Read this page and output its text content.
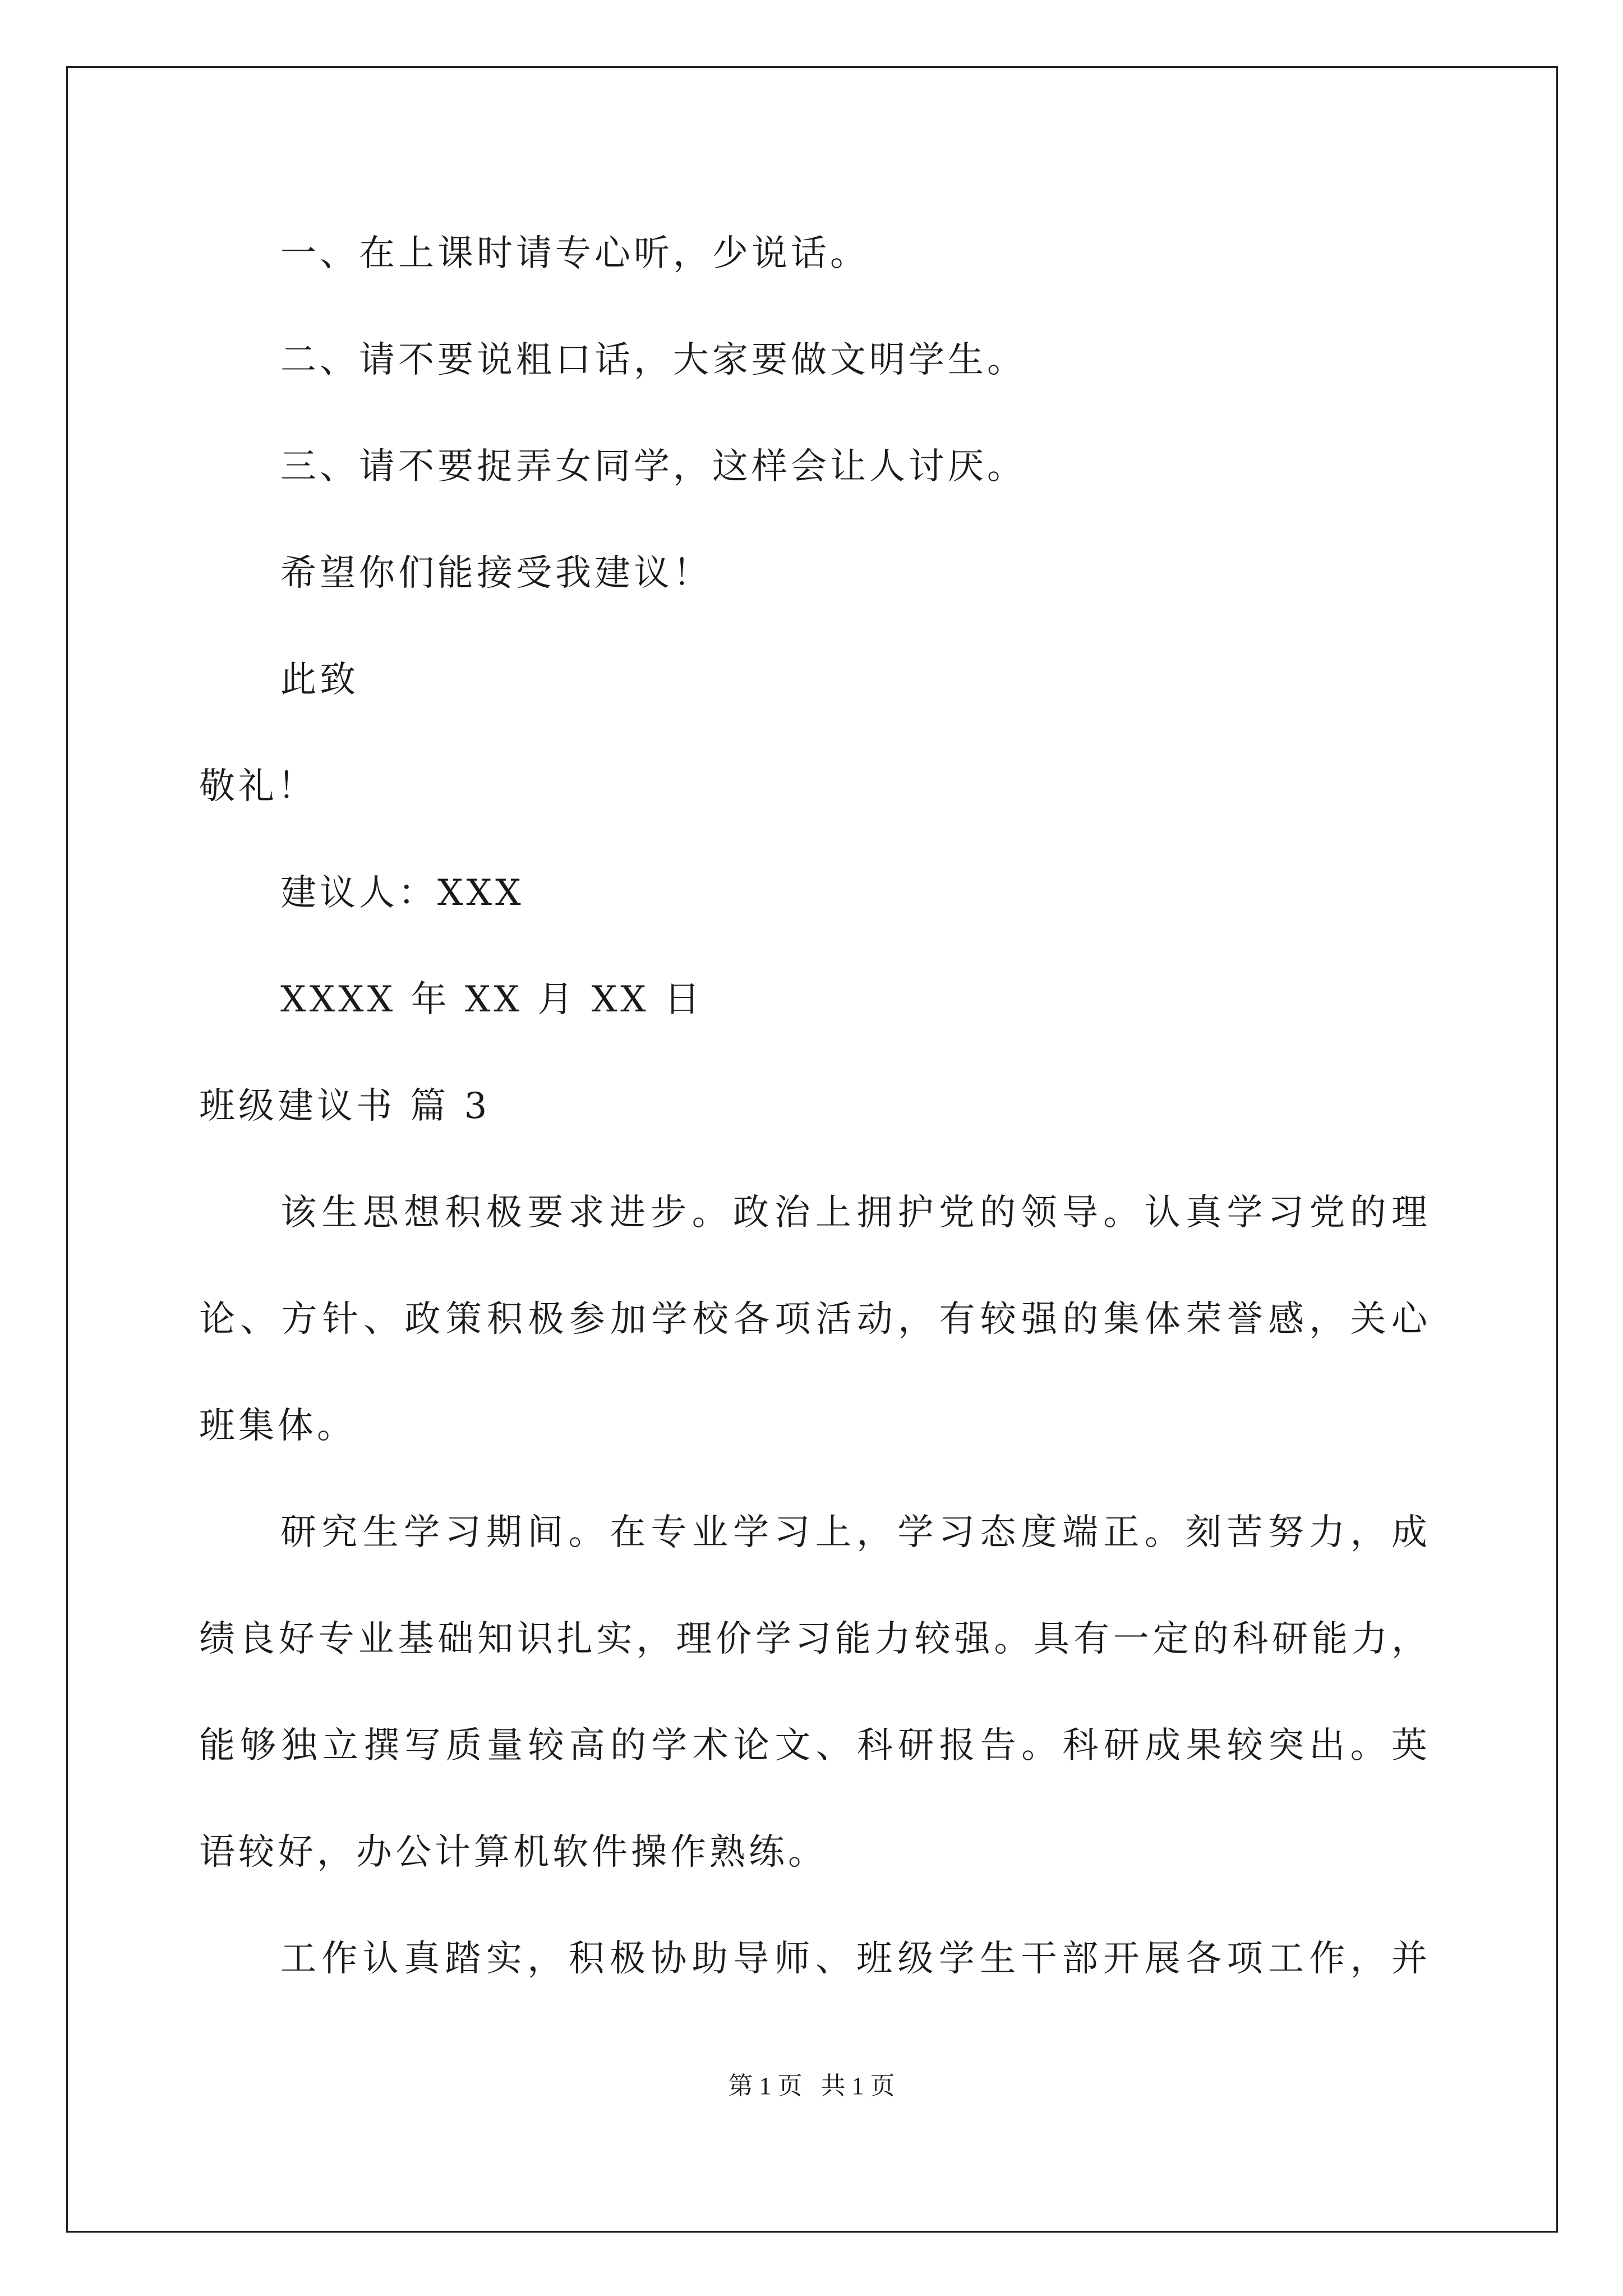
一、在上课时请专心听，少说话。
二、请不要说粗口话，大家要做文明学生。
三、请不要捉弄女同学，这样会让人讨厌。
希望你们能接受我建议！
此致
敬礼！
建议人：XXX
XXXX 年 XX 月 XX 日
班级建议书 篇 3
该生思想积极要求进步。政治上拥护党的领导。认真学习党的理
论、方针、政策积极参加学校各项活动，有较强的集体荣誉感，关心
班集体。
研究生学习期间。在专业学习上，学习态度端正。刻苦努力，成
绩良好专业基础知识扎实，理价学习能力较强。具有一定的科研能力，
能够独立撰写质量较高的学术论文、科研报告。科研成果较突出。英
语较好，办公计算机软件操作熟练。
工作认真踏实，积极协助导师、班级学生干部开展各项工作，并
第 1 页   共 1 页
